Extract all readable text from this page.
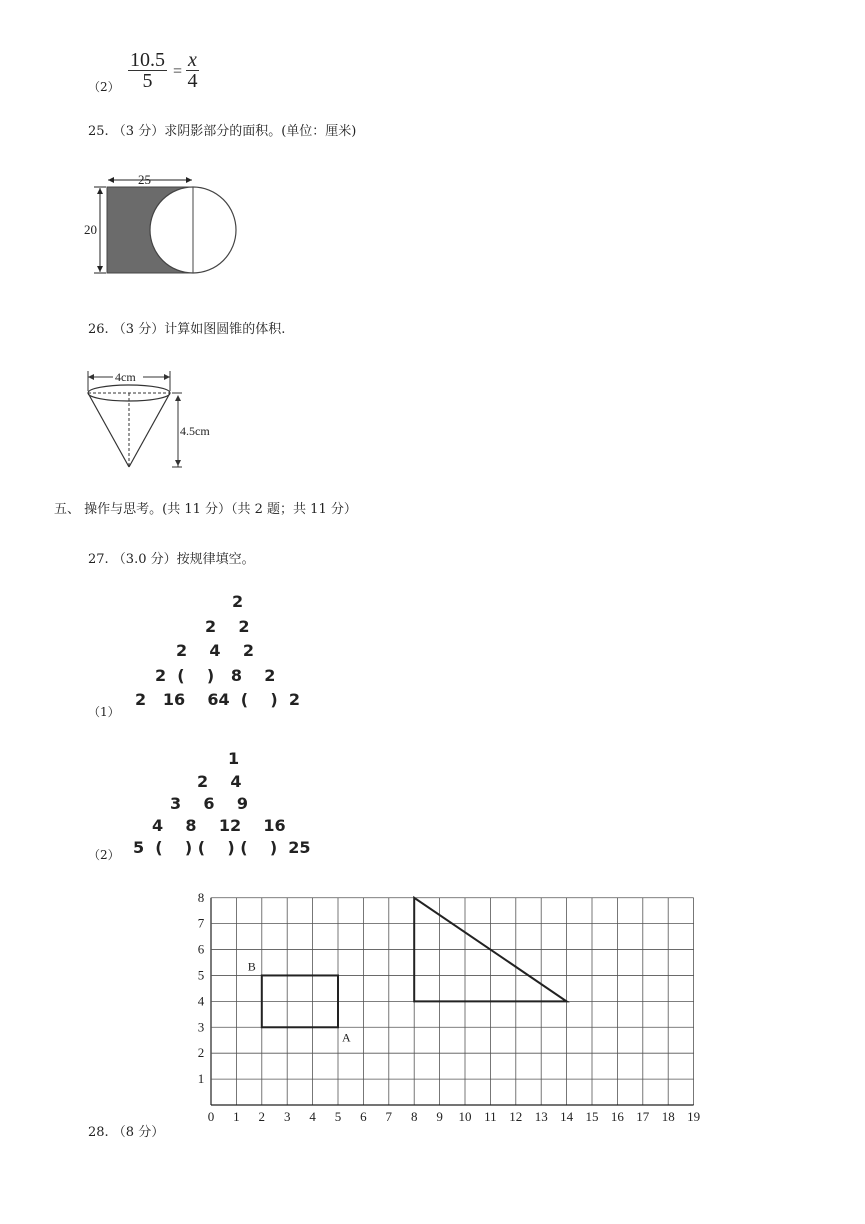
$(2) \frac{10.5}{5} = \frac{x}{4}$
25. （3 分）求阴影部分的面积。(单位：厘米)
25
20
26. （3 分）计算如图圆锥的体积.
4cm
4.5cm
五、 操作与思考。(共 11 分）（共 2 题；共 11 分）
27. （3.0 分）按规律填空。
2
2    2
2    4    2
2  (    )   8    2
2   16    64  (    )  2
（1）
1
2    4
3    6    9
4    8    12    16
5  (    ) (    ) (    )  25
（2）
28. （8 分）
0 1 2 3 4 5 6 7 8 9 10 11 12 13 14 15 16 17 18 19
1
2
3
4
5
6
7
8
B
A
